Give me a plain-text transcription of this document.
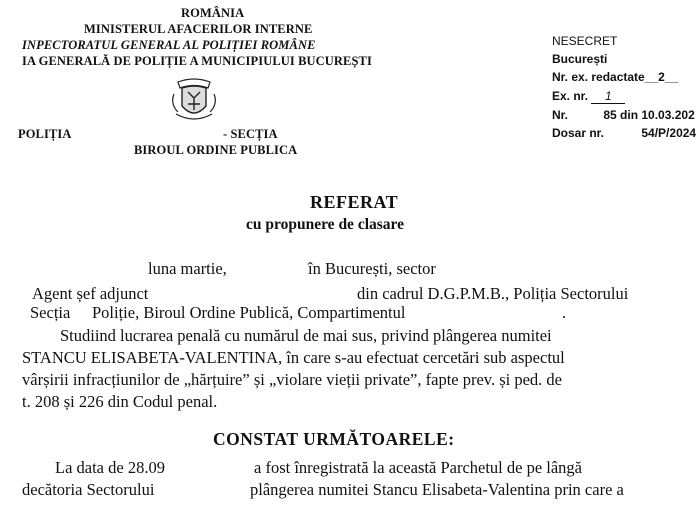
ROMÂNIA
MINISTERUL AFACERILOR INTERNE
INPECTORATUL GENERAL AL POLIȚIEI ROMÂNE
IA GENERALĂ DE POLIȚIE A MUNICIPIULUI BUCUREȘTI
POLIȚIA	- SECȚIA
BIROUL ORDINE PUBLICA
NESECRET
București
Nr. ex. redactate__2__
Ex. nr. 1
Nr.	85 din 10.03.202
Dosar nr.	54/P/2024
REFERAT
cu propunere de clasare
luna martie,	în București, sector
Agent șef adjunct	din cadrul D.G.P.M.B., Poliția Sectorului
Secția Poliție, Biroul Ordine Publică, Compartimentul	.
Studiind lucrarea penală cu numărul de mai sus, privind plângerea numitei
STANCU ELISABETA-VALENTINA, în care s-au efectuat cercetări sub aspectul
vârșirii infracțiunilor de „hărțuire” și „violare vieții private”, fapte prev. și ped. de
t. 208 și 226 din Codul penal.
CONSTAT URMĂTOARELE:
La data de 28.09	a fost înregistrată la această Parchetul de pe lângă
decătoria Sectorului	plângerea numitei Stancu Elisabeta-Valentina prin care a
